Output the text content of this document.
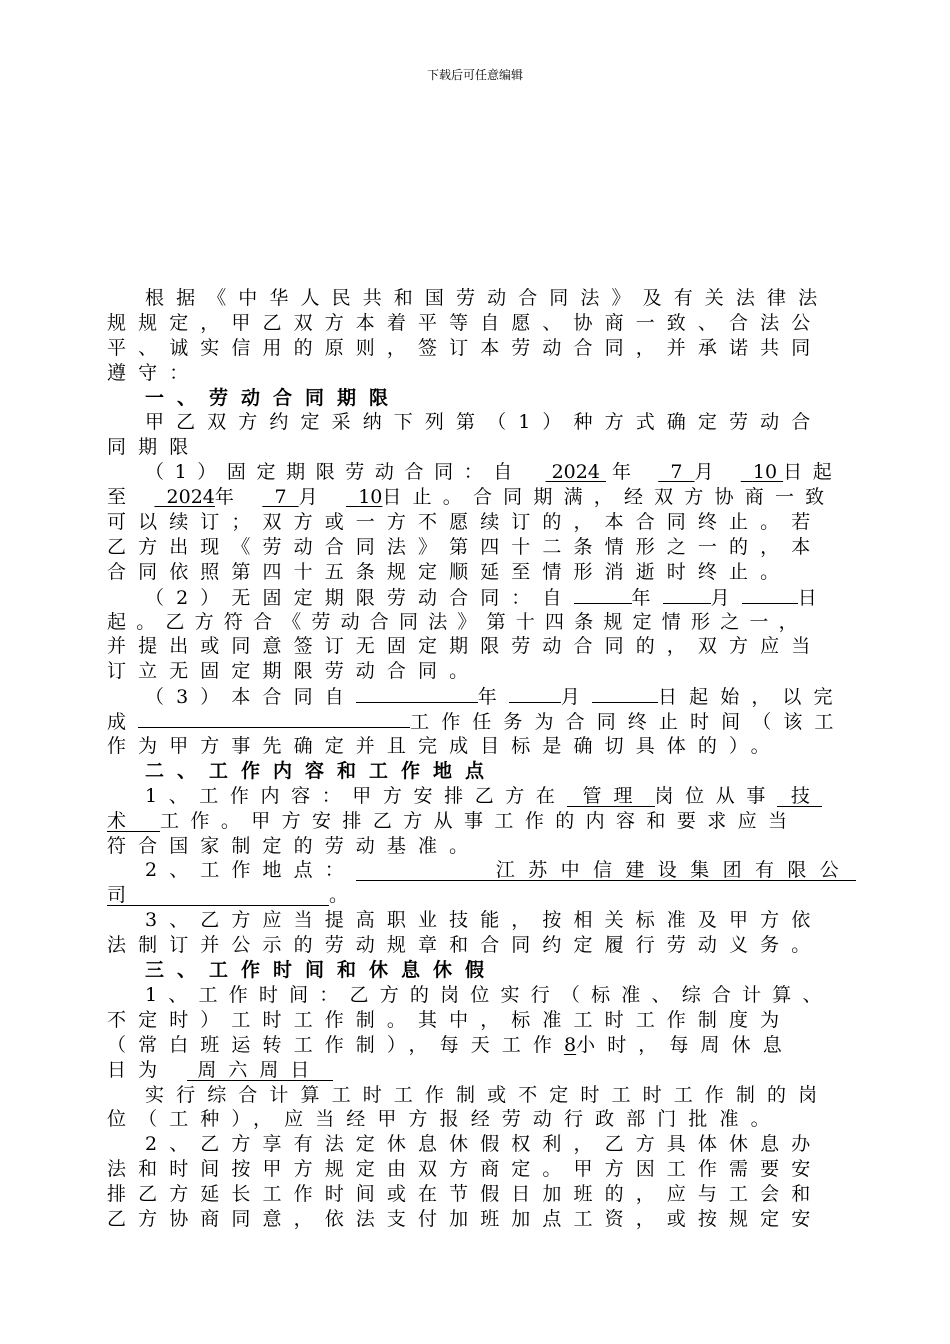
下载后可任意编辑
根据《中华人民共和国劳动合同法》及有关法律法
规规定，甲乙双方本着平等自愿、协商一致、合法公
平、诚实信用的原则，签订本劳动合同，并承诺共同
遵守：
一、劳动合同期限
甲乙双方约定采纳下列第（1）种方式确定劳动合
同期限
（1）固定期限劳动合同：自 2024 年 7 月 10 日起
至 2024年 7 月 10日止。合同期满，经双方协商一致
可以续订；双方或一方不愿续订的，本合同终止。若
乙方出现《劳动合同法》第四十二条情形之一的，本
合同依照第四十五条规定顺延至情形消逝时终止。
（2）无固定期限劳动合同：自	年	月	日
起。乙方符合《劳动合同法》第十四条规定情形之一，
并提出或同意签订无固定期限劳动合同的，双方应当
订立无固定期限劳动合同。
（3）本合同自	年	月	日起始，以完
成	工作任务为合同终止时间（该工
作为甲方事先确定并且完成目标是确切具体的）。
二、工作内容和工作地点
1、工作内容：甲方安排乙方在 管理 岗位从事 技
术 工作。甲方安排乙方从事工作的内容和要求应当
符合国家制定的劳动基准。
2、工作地点：	江苏中信建设集团有限公
司	。
3、乙方应当提高职业技能，按相关标准及甲方依
法制订并公示的劳动规章和合同约定履行劳动义务。
三、工作时间和休息休假
1、工作时间：乙方的岗位实行（标准、综合计算、
不定时）工时工作制。其中，标准工时工作制度为
（常白班运转工作制），每天工作8小时，每周休息
日为 周六周日
实行综合计算工时工作制或不定时工时工作制的岗
位（工种），应当经甲方报经劳动行政部门批准。
2、乙方享有法定休息休假权利，乙方具体休息办
法和时间按甲方规定由双方商定。甲方因工作需要安
排乙方延长工作时间或在节假日加班的，应与工会和
乙方协商同意，依法支付加班加点工资，或按规定安
